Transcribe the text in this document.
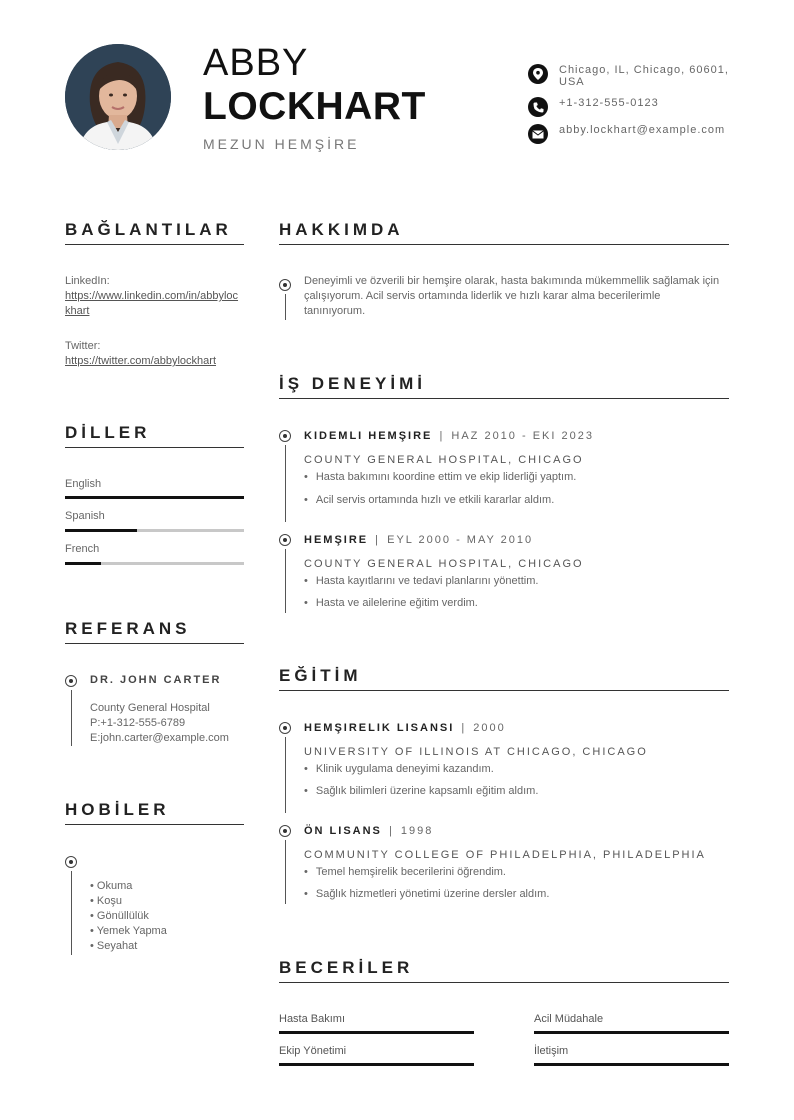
ABBY
LOCKHART
MEZUN HEMŞİRE
Chicago, IL, Chicago, 60601, USA
+1-312-555-0123
abby.lockhart@example.com
BAĞLANTILAR
LinkedIn:
https://www.linkedin.com/in/abbylockhart
Twitter:
https://twitter.com/abbylockhart
DİLLER
English
Spanish
French
REFERANS
DR. JOHN CARTER
County General Hospital
P:+1-312-555-6789
E:john.carter@example.com
HOBİLER
• Okuma
• Koşu
• Gönüllülük
• Yemek Yapma
• Seyahat
HAKKIMDA
Deneyimli ve özverili bir hemşire olarak, hasta bakımında mükemmellik sağlamak için çalışıyorum. Acil servis ortamında liderlik ve hızlı karar alma becerilerimle tanınıyorum.
İŞ DENEYİMİ
KIDEMLI HEMŞIRE | HAZ 2010 - EKI 2023
COUNTY GENERAL HOSPITAL, CHICAGO
• Hasta bakımını koordine ettim ve ekip liderliği yaptım.
• Acil servis ortamında hızlı ve etkili kararlar aldım.
HEMŞIRE | EYL 2000 - MAY 2010
COUNTY GENERAL HOSPITAL, CHICAGO
• Hasta kayıtlarını ve tedavi planlarını yönettim.
• Hasta ve ailelerine eğitim verdim.
EĞİTİM
HEMŞIRELIK LISANSI | 2000
UNIVERSITY OF ILLINOIS AT CHICAGO, CHICAGO
• Klinik uygulama deneyimi kazandım.
• Sağlık bilimleri üzerine kapsamlı eğitim aldım.
ÖN LISANS | 1998
COMMUNITY COLLEGE OF PHILADELPHIA, PHILADELPHIA
• Temel hemşirelik becerilerini öğrendim.
• Sağlık hizmetleri yönetimi üzerine dersler aldım.
BECERİLER
Hasta Bakımı	Acil Müdahale
Ekip Yönetimi	İletişim
